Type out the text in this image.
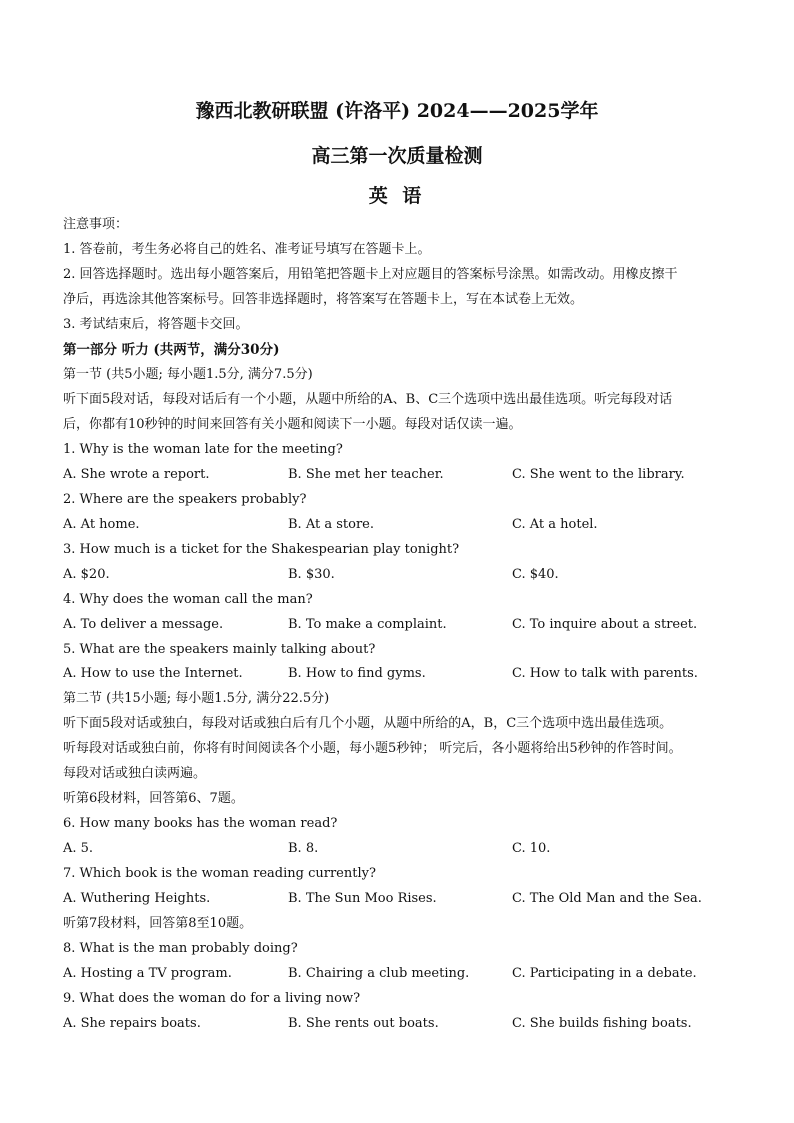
豫西北教研联盟 (许洛平) 2024——2025学年
高三第一次质量检测
英 语
注意事项：
1. 答卷前，考生务必将自己的姓名、准考证号填写在答题卡上。
2. 回答选择题时。选出每小题答案后，用铅笔把答题卡上对应题目的答案标号涂黑。如需改动。用橡皮擦干
净后，再选涂其他答案标号。回答非选择题时，将答案写在答题卡上，写在本试卷上无效。
3. 考试结束后，将答题卡交回。
第一部分 听力 (共两节，满分30分)
第一节 (共5小题; 每小题1.5分, 满分7.5分)
听下面5段对话，每段对话后有一个小题，从题中所给的A、B、C三个选项中选出最佳选项。听完每段对话
后，你都有10秒钟的时间来回答有关小题和阅读下一小题。每段对话仅读一遍。
1. Why is the woman late for the meeting?
A. She wrote a report.	B. She met her teacher.	C. She went to the library.
2. Where are the speakers probably?
A. At home.	B. At a store.	C. At a hotel.
3. How much is a ticket for the Shakespearian play tonight?
A. $20.	B. $30.	C. $40.
4. Why does the woman call the man?
A. To deliver a message.	B. To make a complaint.	C. To inquire about a street.
5. What are the speakers mainly talking about?
A. How to use the Internet.	B. How to find gyms.	C. How to talk with parents.
第二节 (共15小题; 每小题1.5分, 满分22.5分)
听下面5段对话或独白，每段对话或独白后有几个小题，从题中所给的A，B，C三个选项中选出最佳选项。
听每段对话或独白前，你将有时间阅读各个小题，每小题5秒钟； 听完后，各小题将给出5秒钟的作答时间。
每段对话或独白读两遍。
听第6段材料，回答第6、7题。
6. How many books has the woman read?
A. 5.	B. 8.	C. 10.
7. Which book is the woman reading currently?
A. Wuthering Heights.	B. The Sun Moo Rises.	C. The Old Man and the Sea.
听第7段材料，回答第8至10题。
8. What is the man probably doing?
A. Hosting a TV program.	B. Chairing a club meeting.	C. Participating in a debate.
9. What does the woman do for a living now?
A. She repairs boats.	B. She rents out boats.	C. She builds fishing boats.
